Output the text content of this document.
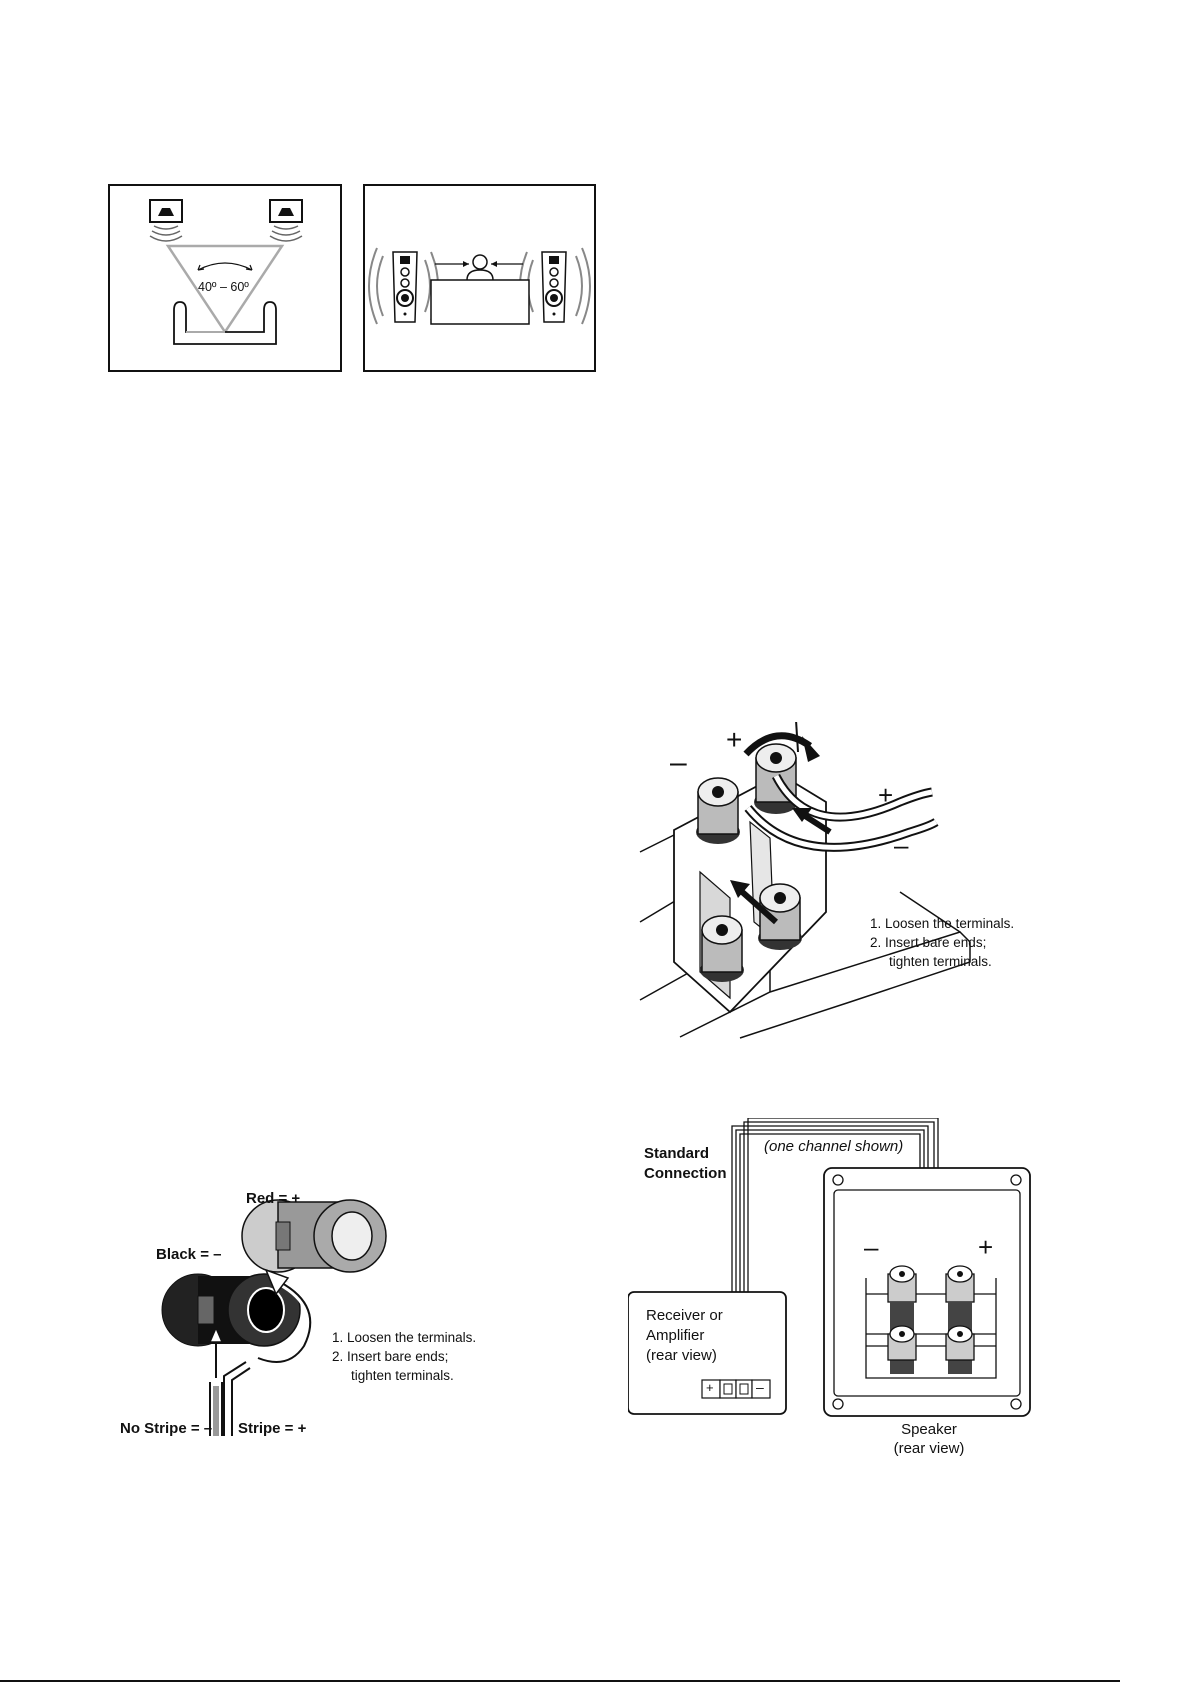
40º – 60º
+
–
+
–
1. Loosen the terminals.
2. Insert bare ends;
tighten terminals.
Red = +
Black = –
No Stripe = – Stripe = +
1. Loosen the terminals.
2. Insert bare ends;
tighten terminals.
Standard
Connection
(one channel shown)
Receiver or
Amplifier
(rear view)
+	–
–	+
Speaker
(rear view)
